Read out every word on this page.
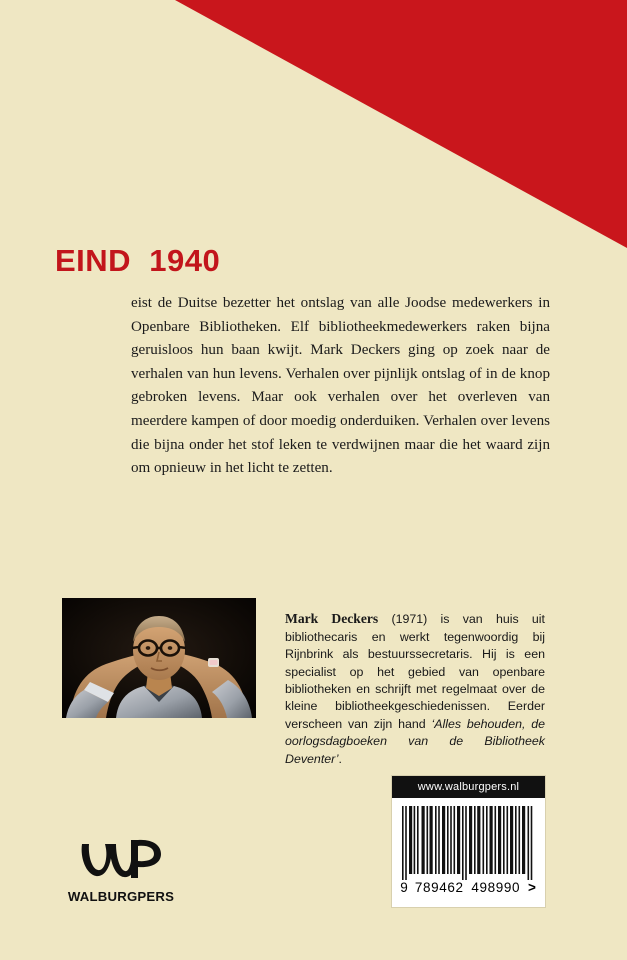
EIND  1940

eist de Duitse bezetter het ontslag van alle Joodse medewerkers in Openbare Bibliotheken. Elf bibliotheekmedewerkers raken bijna geruisloos hun baan kwijt. Mark Deckers ging op zoek naar de verhalen van hun levens. Verhalen over pijnlijk ontslag of in de knop gebroken levens. Maar ook verhalen over het overleven van meerdere kampen of door moedig onderduiken. Verhalen over levens die bijna onder het stof leken te verdwijnen maar die het waard zijn om opnieuw in het licht te zetten.

Mark Deckers (1971) is van huis uit bibliothecaris en werkt tegenwoordig bij Rijnbrink als bestuurssecretaris. Hij is een specialist op het gebied van openbare bibliotheken en schrijft met regelmaat over de kleine bibliotheekgeschiedenissen. Eerder verscheen van zijn hand ‘Alles behouden, de oorlogsdagboeken van de Bibliotheek Deventer’.

WALBURGPERS
www.walburgpers.nl
9 789462 498990 >
